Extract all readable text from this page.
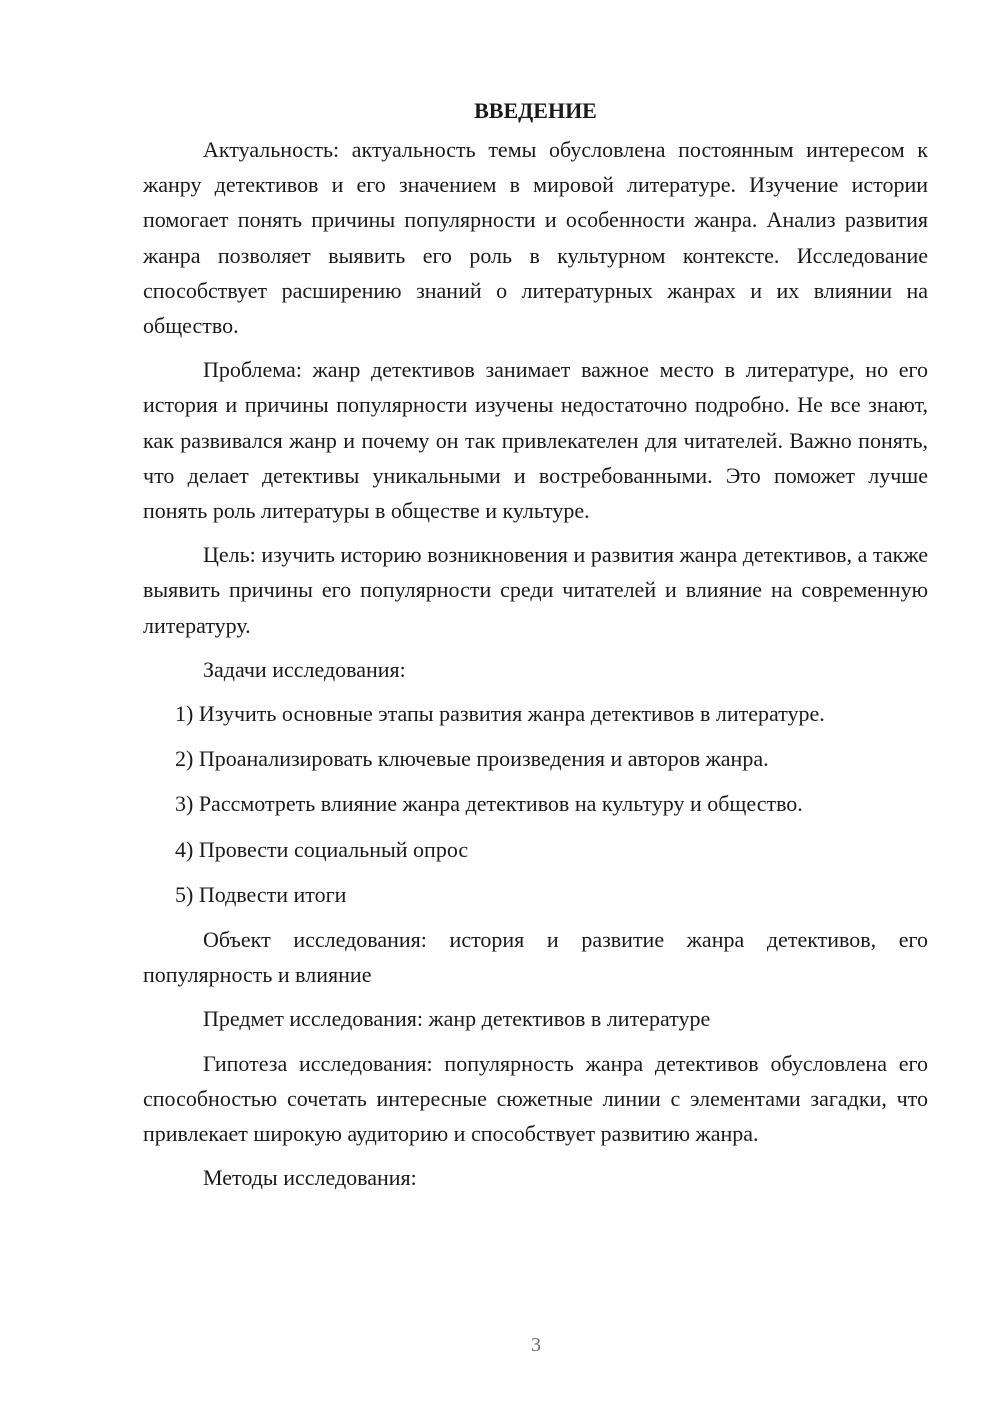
ВВЕДЕНИЕ

Актуальность: актуальность темы обусловлена постоянным интересом к жанру детективов и его значением в мировой литературе. Изучение истории помогает понять причины популярности и особенности жанра. Анализ развития жанра позволяет выявить его роль в культурном контексте. Исследование способствует расширению знаний о литературных жанрах и их влиянии на общество.

Проблема: жанр детективов занимает важное место в литературе, но его история и причины популярности изучены недостаточно подробно. Не все знают, как развивался жанр и почему он так привлекателен для читателей. Важно понять, что делает детективы уникальными и востребованными. Это поможет лучше понять роль литературы в обществе и культуре.

Цель: изучить историю возникновения и развития жанра детективов, а также выявить причины его популярности среди читателей и влияние на современную литературу.

Задачи исследования:

1) Изучить основные этапы развития жанра детективов в литературе.

2) Проанализировать ключевые произведения и авторов жанра.

3) Рассмотреть влияние жанра детективов на культуру и общество.

4) Провести социальный опрос

5) Подвести итоги

Объект исследования: история и развитие жанра детективов, его популярность и влияние

Предмет исследования: жанр детективов в литературе

Гипотеза исследования: популярность жанра детективов обусловлена его способностью сочетать интересные сюжетные линии с элементами загадки, что привлекает широкую аудиторию и способствует развитию жанра.

Методы исследования:

3
